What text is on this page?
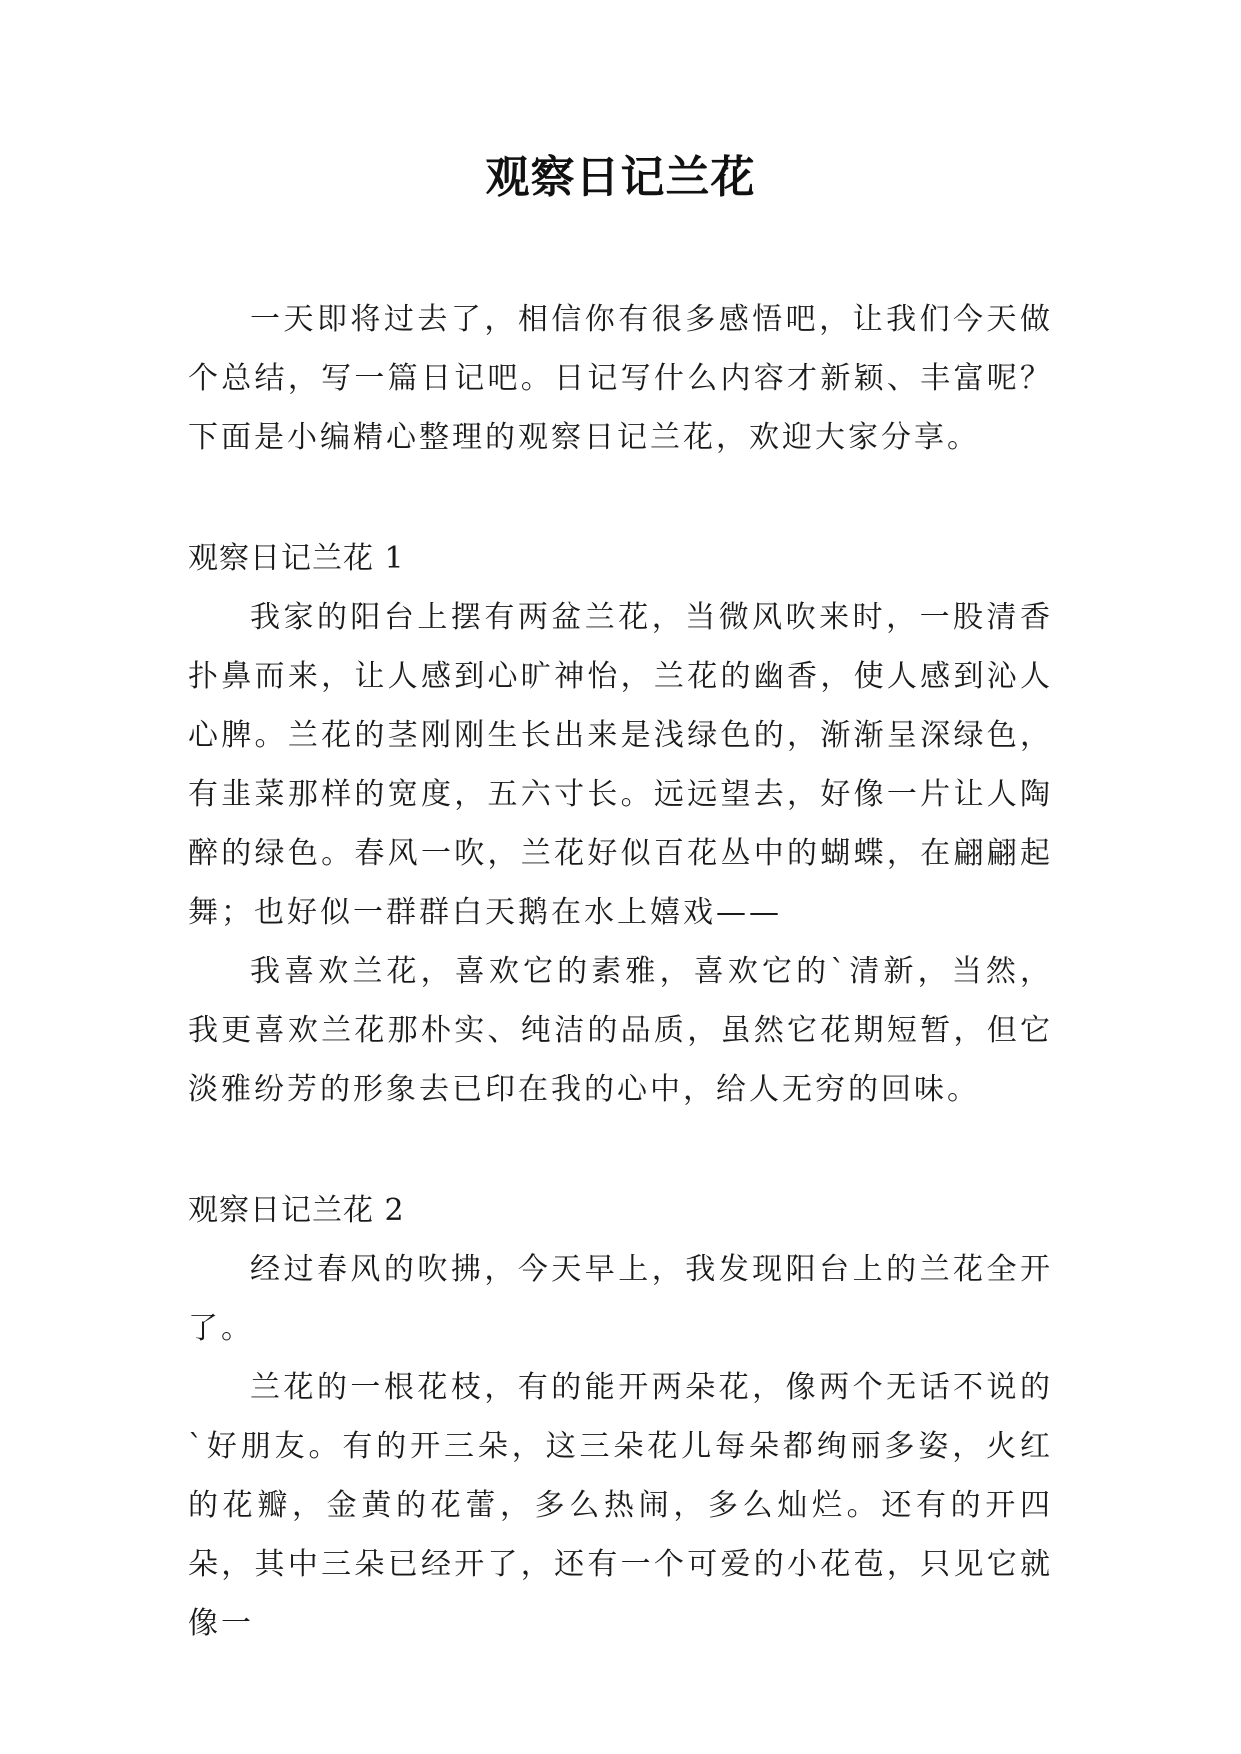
观察日记兰花

一天即将过去了，相信你有很多感悟吧，让我们今天做个总结，写一篇日记吧。日记写什么内容才新颖、丰富呢？下面是小编精心整理的观察日记兰花，欢迎大家分享。

观察日记兰花 1

我家的阳台上摆有两盆兰花，当微风吹来时，一股清香扑鼻而来，让人感到心旷神怡，兰花的幽香，使人感到沁人心脾。兰花的茎刚刚生长出来是浅绿色的，渐渐呈深绿色，有韭菜那样的宽度，五六寸长。远远望去，好像一片让人陶醉的绿色。春风一吹，兰花好似百花丛中的蝴蝶，在翩翩起舞；也好似一群群白天鹅在水上嬉戏——

我喜欢兰花，喜欢它的素雅，喜欢它的`清新，当然，我更喜欢兰花那朴实、纯洁的品质，虽然它花期短暂，但它淡雅纷芳的形象去已印在我的心中，给人无穷的回味。

观察日记兰花 2

经过春风的吹拂，今天早上，我发现阳台上的兰花全开了。

兰花的一根花枝，有的能开两朵花，像两个无话不说的`好朋友。有的开三朵，这三朵花儿每朵都绚丽多姿，火红的花瓣，金黄的花蕾，多么热闹，多么灿烂。还有的开四朵，其中三朵已经开了，还有一个可爱的小花苞，只见它就像一
